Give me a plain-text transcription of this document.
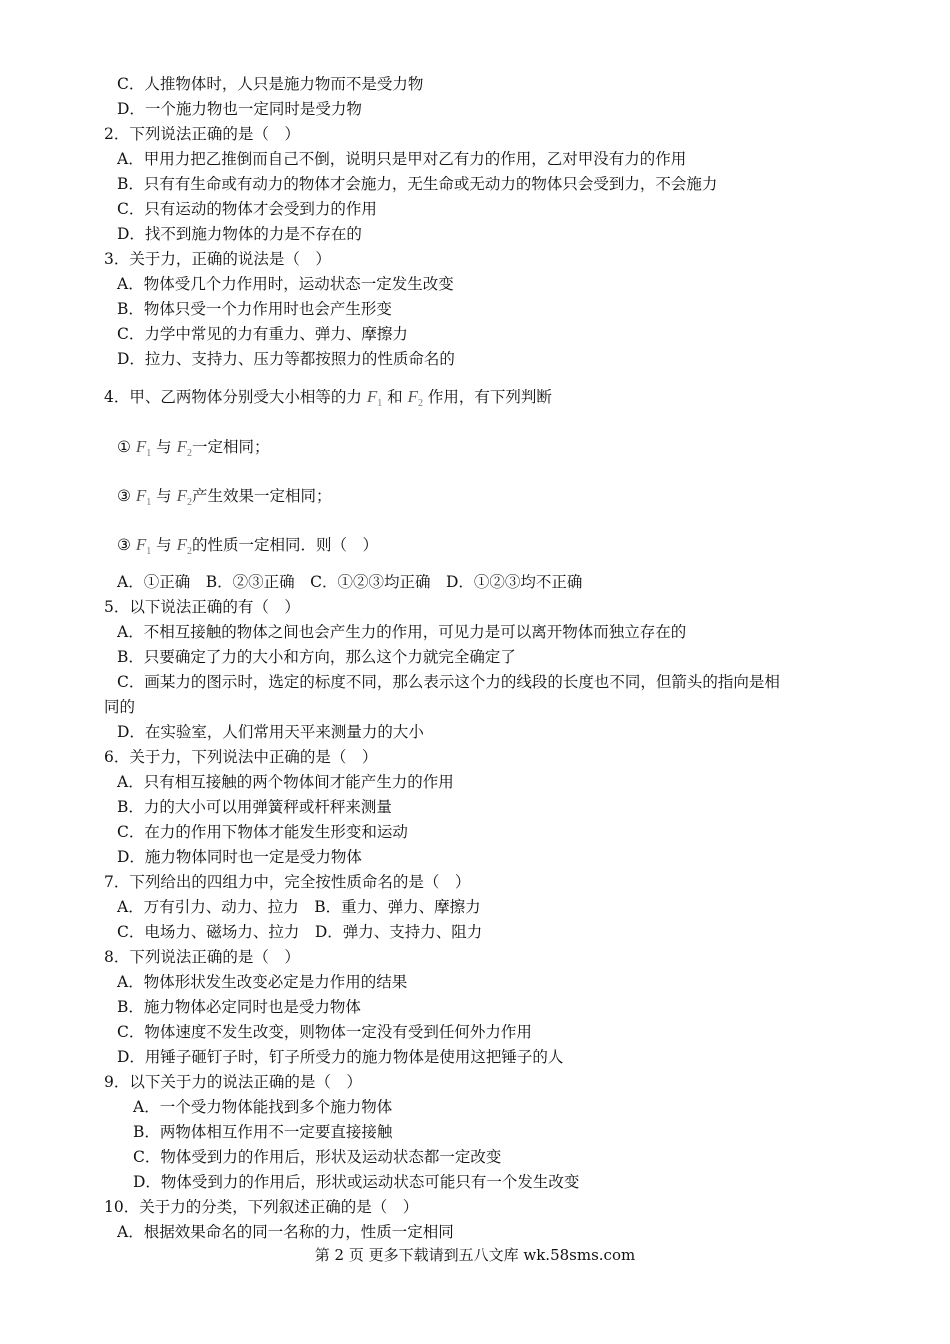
C．人推物体时，人只是施力物而不是受力物
D．一个施力物也一定同时是受力物
2．下列说法正确的是（　）
A．甲用力把乙推倒而自己不倒，说明只是甲对乙有力的作用，乙对甲没有力的作用
B．只有有生命或有动力的物体才会施力，无生命或无动力的物体只会受到力，不会施力
C．只有运动的物体才会受到力的作用
D．找不到施力物体的力是不存在的
3．关于力，正确的说法是（　）
A．物体受几个力作用时，运动状态一定发生改变
B．物体只受一个力作用时也会产生形变
C．力学中常见的力有重力、弹力、摩擦力
D．拉力、支持力、压力等都按照力的性质命名的
4．甲、乙两物体分别受大小相等的力 $F_1$ 和 $F_2$ 作用，有下列判断
① $F_1$ 与 $F_2$一定相同；
③ $F_1$ 与 $F_2$产生效果一定相同；
③ $F_1$ 与 $F_2$的性质一定相同．则（　）
A．①正确　B．②③正确　C．①②③均正确　D．①②③均不正确
5．以下说法正确的有（　）
A．不相互接触的物体之间也会产生力的作用，可见力是可以离开物体而独立存在的
B．只要确定了力的大小和方向，那么这个力就完全确定了
C．画某力的图示时，选定的标度不同，那么表示这个力的线段的长度也不同，但箭头的指向是相
同的
D．在实验室，人们常用天平来测量力的大小
6．关于力，下列说法中正确的是（　）
A．只有相互接触的两个物体间才能产生力的作用
B．力的大小可以用弹簧秤或杆秤来测量
C．在力的作用下物体才能发生形变和运动
D．施力物体同时也一定是受力物体
7．下列给出的四组力中，完全按性质命名的是（　）
A．万有引力、动力、拉力　B．重力、弹力、摩擦力
C．电场力、磁场力、拉力　D．弹力、支持力、阻力
8．下列说法正确的是（　）
A．物体形状发生改变必定是力作用的结果
B．施力物体必定同时也是受力物体
C．物体速度不发生改变，则物体一定没有受到任何外力作用
D．用锤子砸钉子时，钉子所受力的施力物体是使用这把锤子的人
9．以下关于力的说法正确的是（　）
A．一个受力物体能找到多个施力物体
B．两物体相互作用不一定要直接接触
C．物体受到力的作用后，形状及运动状态都一定改变
D．物体受到力的作用后，形状或运动状态可能只有一个发生改变
10．关于力的分类，下列叙述正确的是（　）
A．根据效果命名的同一名称的力，性质一定相同
第 2 页 更多下载请到五八文库 wk.58sms.com
